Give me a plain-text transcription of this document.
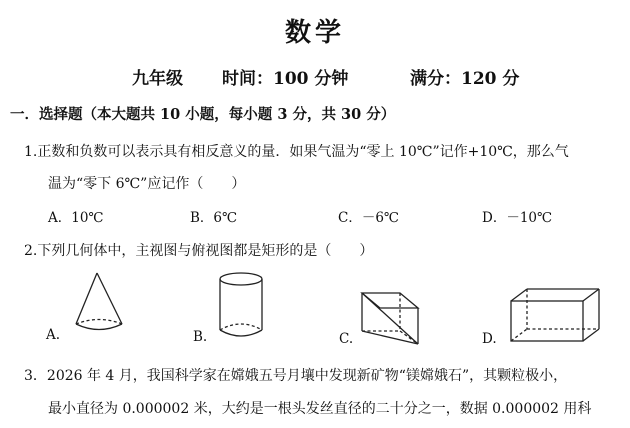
数学
九年级 时间：100 分钟	满分：120 分
一．选择题（本大题共 10 小题，每小题 3 分，共 30 分）
1.正数和负数可以表示具有相反意义的量．如果气温为“零上 10℃”记作+10℃，那么气
温为“零下 6℃”应记作（　　）
A．10℃	B．6℃	C．－6℃	D．－10℃
2.下列几何体中，主视图与俯视图都是矩形的是（　　）
A.	B.	C.	D.
3．2026 年 4 月，我国科学家在嫦娥五号月壤中发现新矿物“镁嫦娥石”，其颗粒极小，
最小直径为 0.000002 米，大约是一根头发丝直径的二十分之一，数据 0.000002 用科
